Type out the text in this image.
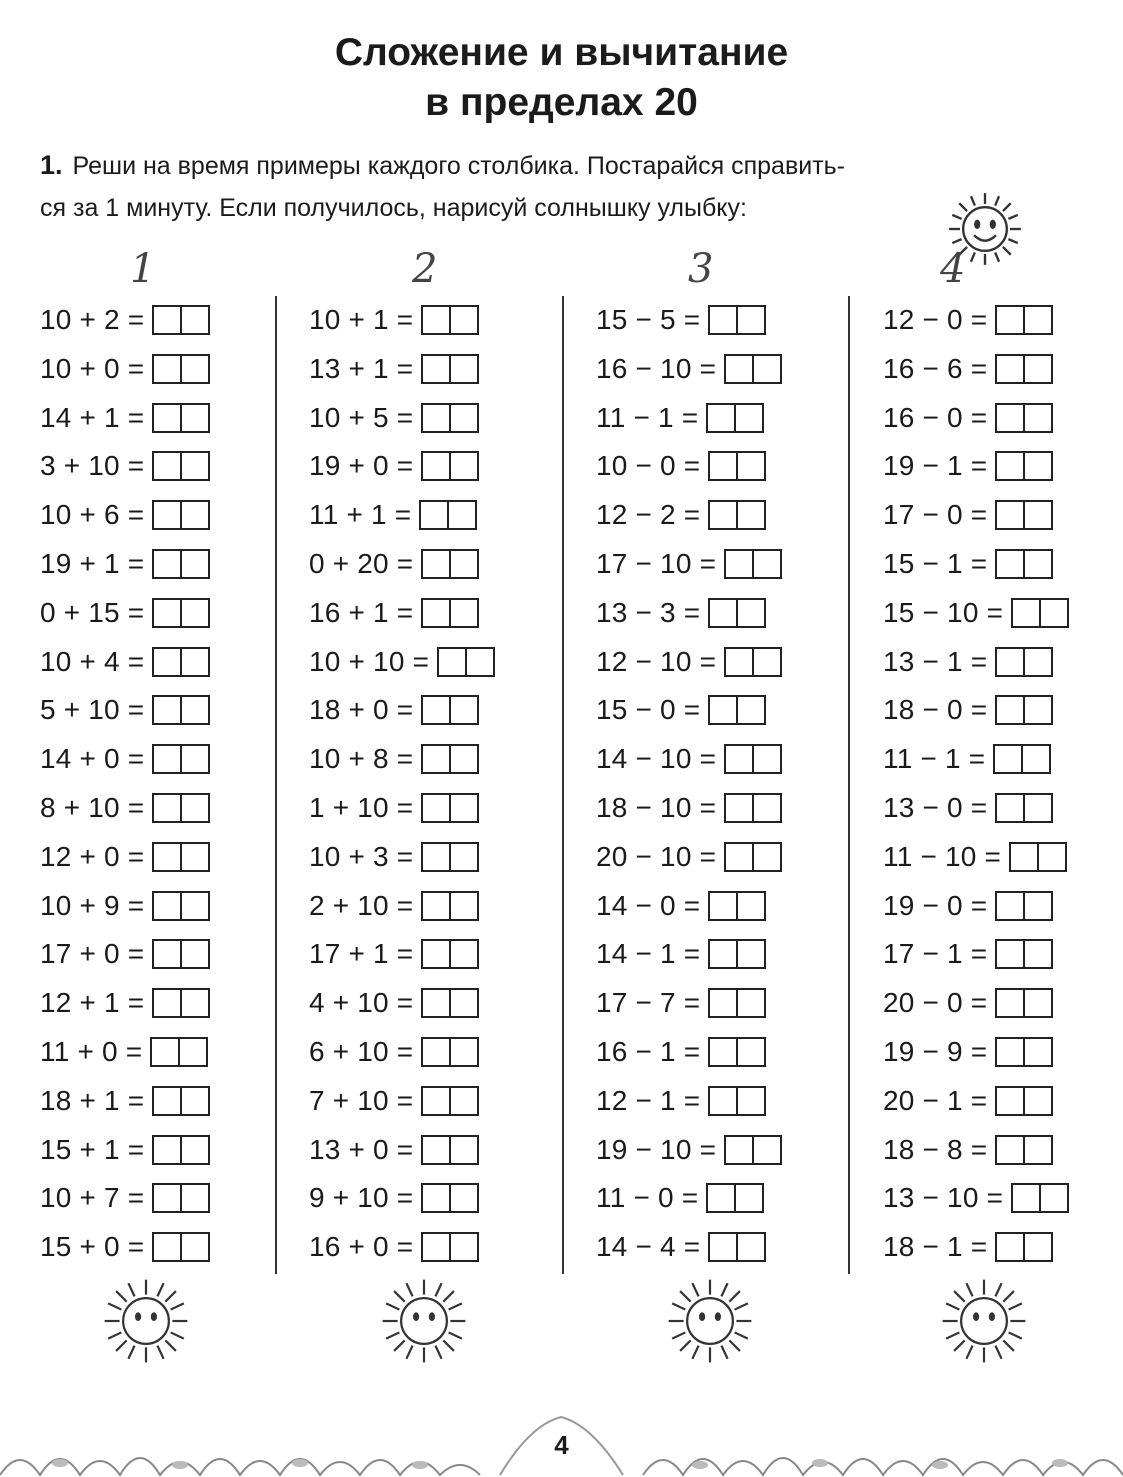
Сложение и вычитание
в пределах 20
1. Реши на время примеры каждого столбика. Постарайся справить-
ся за 1 минуту. Если получилось, нарисуй солнышку улыбку:
1	2	3	4
10 + 2 =
10 + 0 =
14 + 1 =
3 + 10 =
10 + 6 =
19 + 1 =
0 + 15 =
10 + 4 =
5 + 10 =
14 + 0 =
8 + 10 =
12 + 0 =
10 + 9 =
17 + 0 =
12 + 1 =
11 + 0 =
18 + 1 =
15 + 1 =
10 + 7 =
15 + 0 =
10 + 1 =
13 + 1 =
10 + 5 =
19 + 0 =
11 + 1 =
0 + 20 =
16 + 1 =
10 + 10 =
18 + 0 =
10 + 8 =
1 + 10 =
10 + 3 =
2 + 10 =
17 + 1 =
4 + 10 =
6 + 10 =
7 + 10 =
13 + 0 =
9 + 10 =
16 + 0 =
15 − 5 =
16 − 10 =
11 − 1 =
10 − 0 =
12 − 2 =
17 − 10 =
13 − 3 =
12 − 10 =
15 − 0 =
14 − 10 =
18 − 10 =
20 − 10 =
14 − 0 =
14 − 1 =
17 − 7 =
16 − 1 =
12 − 1 =
19 − 10 =
11 − 0 =
14 − 4 =
12 − 0 =
16 − 6 =
16 − 0 =
19 − 1 =
17 − 0 =
15 − 1 =
15 − 10 =
13 − 1 =
18 − 0 =
11 − 1 =
13 − 0 =
11 − 10 =
19 − 0 =
17 − 1 =
20 − 0 =
19 − 9 =
20 − 1 =
18 − 8 =
13 − 10 =
18 − 1 =
4
